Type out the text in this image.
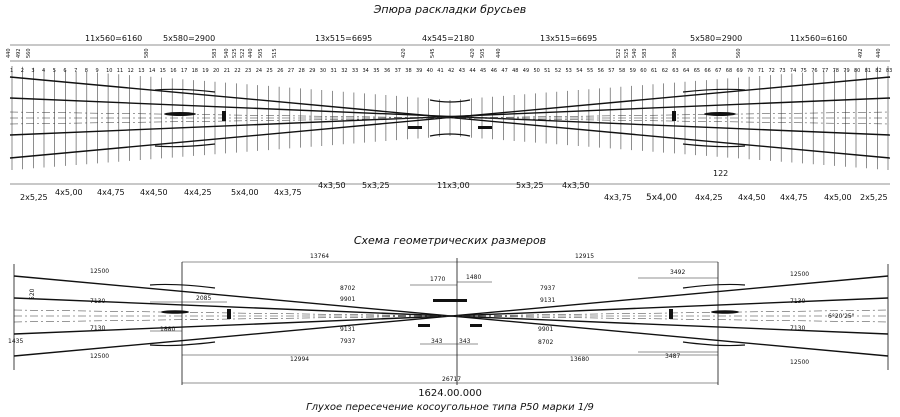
Эпюра раскладки брусьев
Схема геометрических размеров
1624.00.000
Глухое пересечение косоугольное типа Р50 марки 1/9
11x560=6160	5x580=2900	13x515=6695	4x545=2180	13x515=6695	5x580=2900	11x560=6160
440 492 560	580	583 540 525 522 440 505 515	420	545	420 505 440	522 525 540 583	580	560	492 440
1 2 3 4 5 6 7 8 9 10 11 12 13 14 15 16 17 18 19 20 21 22 23 24 25 26 27 28 29 30 31 32 33 34 35 36 37 38 39 40 41 42 43 44 45 46 47 48 49 50 51 52 53 54 55 56 57 58 59 60 61 62 63 64 65 66 67 68 69 70 71 72 73 74 75 76 77 78 79 80 81 82 83
2x5,25
4x5,00 4x4,75 4x4,50 4x4,25 5x4,00 4x3,75
4x3,50 5x3,25	11x3,00	5x3,25 4x3,50
4x3,75 5x4,00 4x4,25 4x4,50 4x4,75 4x5,00 2x5,25
122
13764	12915
3492
1770	1480
12500	12500
12500
12500
8702
8702
9901
9901
7937
7937
9131
9131
7130	7130
7130	7130
2085
1880
520
1435
12994	13680	3487
343	343
26717
6°20'25"
